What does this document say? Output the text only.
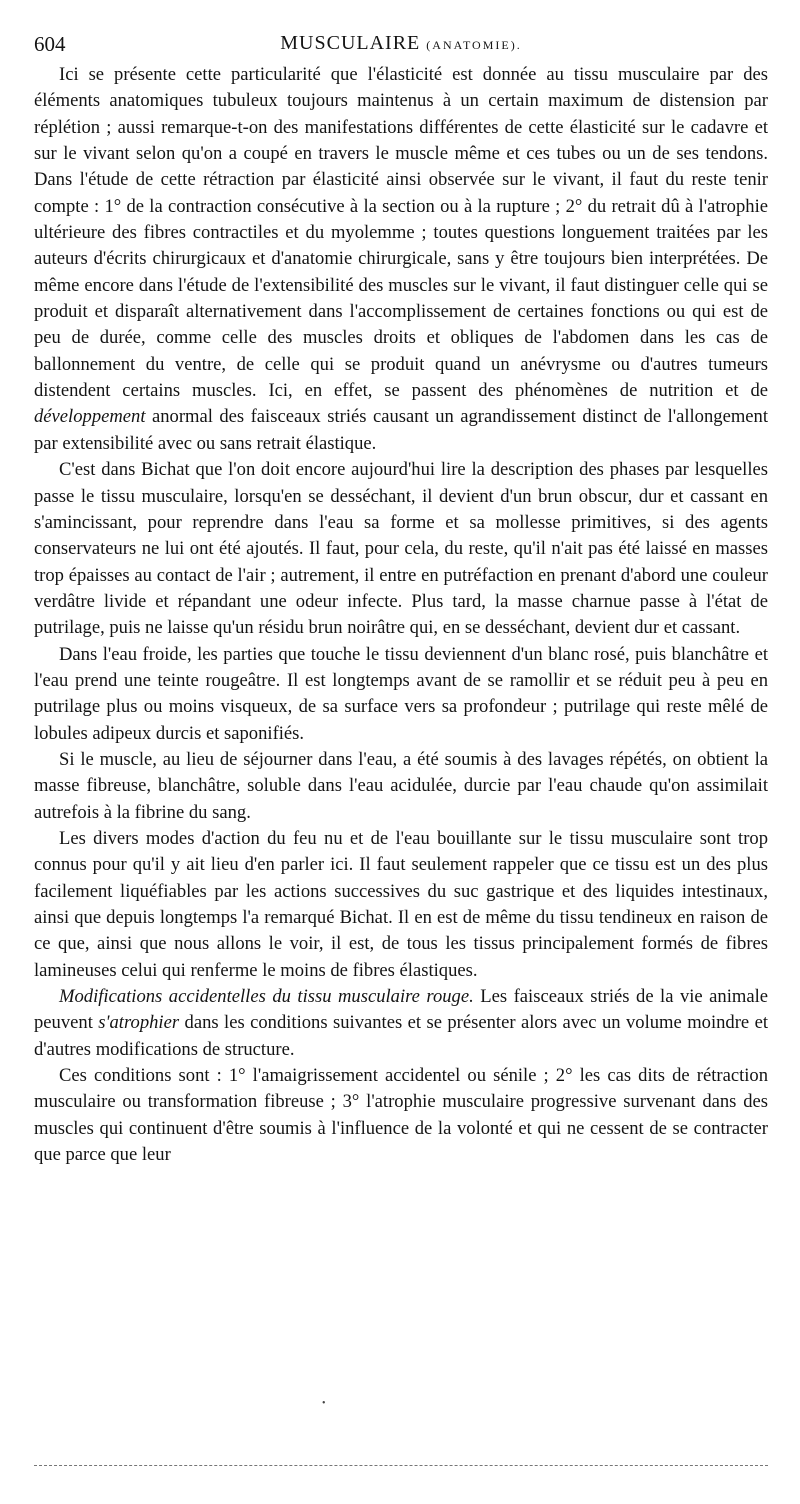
604	MUSCULAIRE (ANATOMIE).

Ici se présente cette particularité que l'élasticité est donnée au tissu musculaire par des éléments anatomiques tubuleux toujours maintenus à un certain maximum de distension par réplétion ; aussi remarque-t-on des manifestations différentes de cette élasticité sur le cadavre et sur le vivant selon qu'on a coupé en travers le muscle même et ces tubes ou un de ses tendons. Dans l'étude de cette rétraction par élasticité ainsi observée sur le vivant, il faut du reste tenir compte : 1° de la contraction consécutive à la section ou à la rupture ; 2° du retrait dû à l'atrophie ultérieure des fibres contractiles et du myolemme ; toutes questions longuement traitées par les auteurs d'écrits chirurgicaux et d'anatomie chirurgicale, sans y être toujours bien interprétées. De même encore dans l'étude de l'extensibilité des muscles sur le vivant, il faut distinguer celle qui se produit et disparaît alternativement dans l'accomplissement de certaines fonctions ou qui est de peu de durée, comme celle des muscles droits et obliques de l'abdomen dans les cas de ballonnement du ventre, de celle qui se produit quand un anévrysme ou d'autres tumeurs distendent certains muscles. Ici, en effet, se passent des phénomènes de nutrition et de développement anormal des faisceaux striés causant un agrandissement distinct de l'allongement par extensibilité avec ou sans retrait élastique.

C'est dans Bichat que l'on doit encore aujourd'hui lire la description des phases par lesquelles passe le tissu musculaire, lorsqu'en se desséchant, il devient d'un brun obscur, dur et cassant en s'amincissant, pour reprendre dans l'eau sa forme et sa mollesse primitives, si des agents conservateurs ne lui ont été ajoutés. Il faut, pour cela, du reste, qu'il n'ait pas été laissé en masses trop épaisses au contact de l'air ; autrement, il entre en putréfaction en prenant d'abord une couleur verdâtre livide et répandant une odeur infecte. Plus tard, la masse charnue passe à l'état de putrilage, puis ne laisse qu'un résidu brun noirâtre qui, en se desséchant, devient dur et cassant.

Dans l'eau froide, les parties que touche le tissu deviennent d'un blanc rosé, puis blanchâtre et l'eau prend une teinte rougeâtre. Il est longtemps avant de se ramollir et se réduit peu à peu en putrilage plus ou moins visqueux, de sa surface vers sa profondeur ; putrilage qui reste mêlé de lobules adipeux durcis et saponifiés.

Si le muscle, au lieu de séjourner dans l'eau, a été soumis à des lavages répétés, on obtient la masse fibreuse, blanchâtre, soluble dans l'eau acidulée, durcie par l'eau chaude qu'on assimilait autrefois à la fibrine du sang.

Les divers modes d'action du feu nu et de l'eau bouillante sur le tissu musculaire sont trop connus pour qu'il y ait lieu d'en parler ici. Il faut seulement rappeler que ce tissu est un des plus facilement liquéfiables par les actions successives du suc gastrique et des liquides intestinaux, ainsi que depuis longtemps l'a remarqué Bichat. Il en est de même du tissu tendineux en raison de ce que, ainsi que nous allons le voir, il est, de tous les tissus principalement formés de fibres lamineuses celui qui renferme le moins de fibres élastiques.

Modifications accidentelles du tissu musculaire rouge. Les faisceaux striés de la vie animale peuvent s'atrophier dans les conditions suivantes et se présenter alors avec un volume moindre et d'autres modifications de structure.

Ces conditions sont : 1° l'amaigrissement accidentel ou sénile ; 2° les cas dits de rétraction musculaire ou transformation fibreuse ; 3° l'atrophie musculaire progressive survenant dans des muscles qui continuent d'être soumis à l'influence de la volonté et qui ne cessent de se contracter que parce que leur

•
